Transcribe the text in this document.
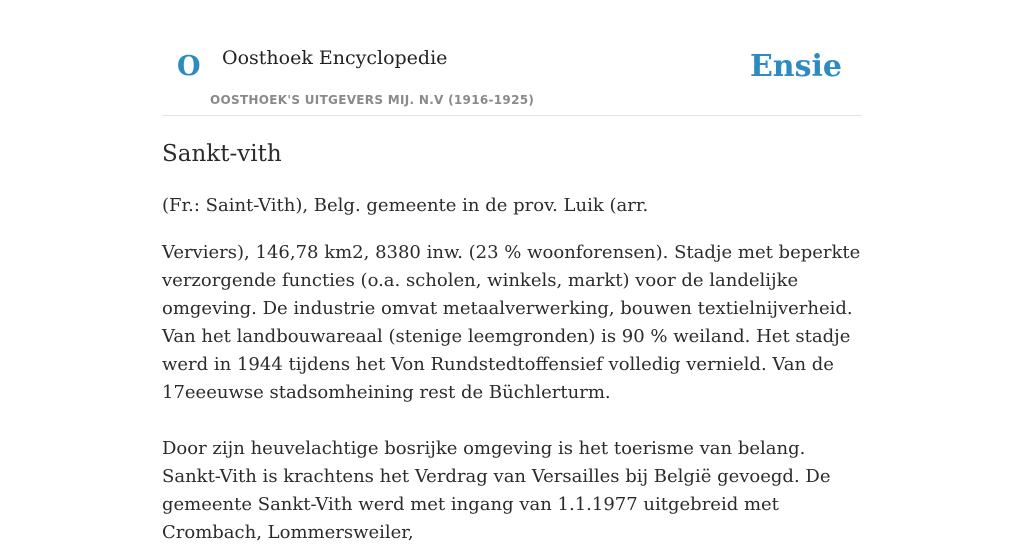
O Oosthoek Encyclopedie
OOSTHOEK'S UITGEVERS MIJ. N.V (1916-1925)
Ensie
Sankt-vith

(Fr.: Saint-Vith), Belg. gemeente in de prov. Luik (arr.

Verviers), 146,78 km2, 8380 inw. (23 % woonforensen). Stadje met beperkte verzorgende functies (o.a. scholen, winkels, markt) voor de landelijke omgeving. De industrie omvat metaalverwerking, bouwen textielnijverheid. Van het landbouwareaal (stenige leemgronden) is 90 % weiland. Het stadje werd in 1944 tijdens het Von Rundstedtoffensief volledig vernield. Van de 17eeeuwse stadsomheining rest de Büchlerturm.

Door zijn heuvelachtige bosrijke omgeving is het toerisme van belang. Sankt-Vith is krachtens het Verdrag van Versailles bij België gevoegd. De gemeente Sankt-Vith werd met ingang van 1.1.1977 uitgebreid met Crombach, Lommersweiler,
